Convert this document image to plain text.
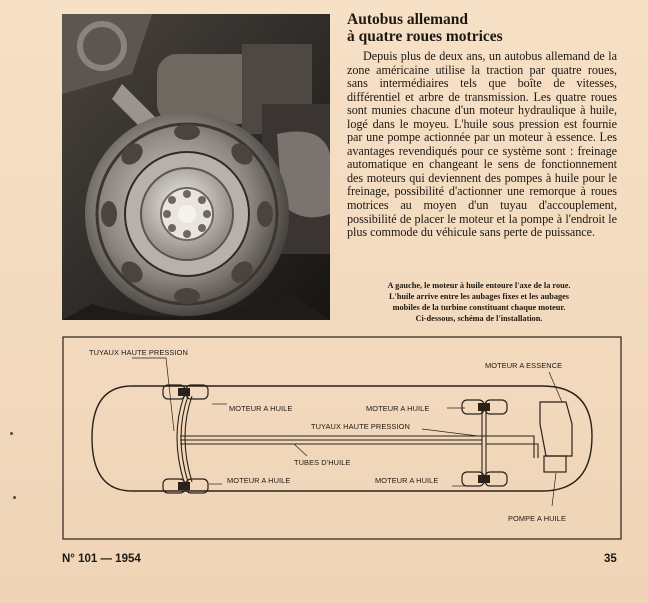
Autobus allemand
à quatre roues motrices

Depuis plus de deux ans, un autobus allemand de la zone américaine utilise la traction par quatre roues, sans intermédiaires tels que boîte de vitesses, différentiel et arbre de transmission. Les quatre roues sont munies chacune d'un moteur hydraulique à huile, logé dans le moyeu. L'huile sous pression est fournie par une pompe actionnée par un moteur à essence. Les avantages revendiqués pour ce système sont : freinage automatique en changeant le sens de fonctionnement des moteurs qui deviennent des pompes à huile pour le freinage, possibilité d'actionner une remorque à roues motrices au moyen d'un tuyau d'accouplement, possibilité de placer le moteur et la pompe à l'endroit le plus commode du véhicule sans perte de puissance.

A gauche, le moteur à huile entoure l'axe de la roue.
L'huile arrive entre les aubages fixes et les aubages
mobiles de la turbine constituant chaque moteur.
Ci-dessous, schéma de l'installation.
TUYAUX HAUTE PRESSION
MOTEUR A HUILE	MOTEUR A HUILE
TUYAUX HAUTE PRESSION
TUBES D'HUILE
MOTEUR A HUILE	MOTEUR A HUILE
MOTEUR A ESSENCE
POMPE A HUILE
N° 101 — 1954	35
